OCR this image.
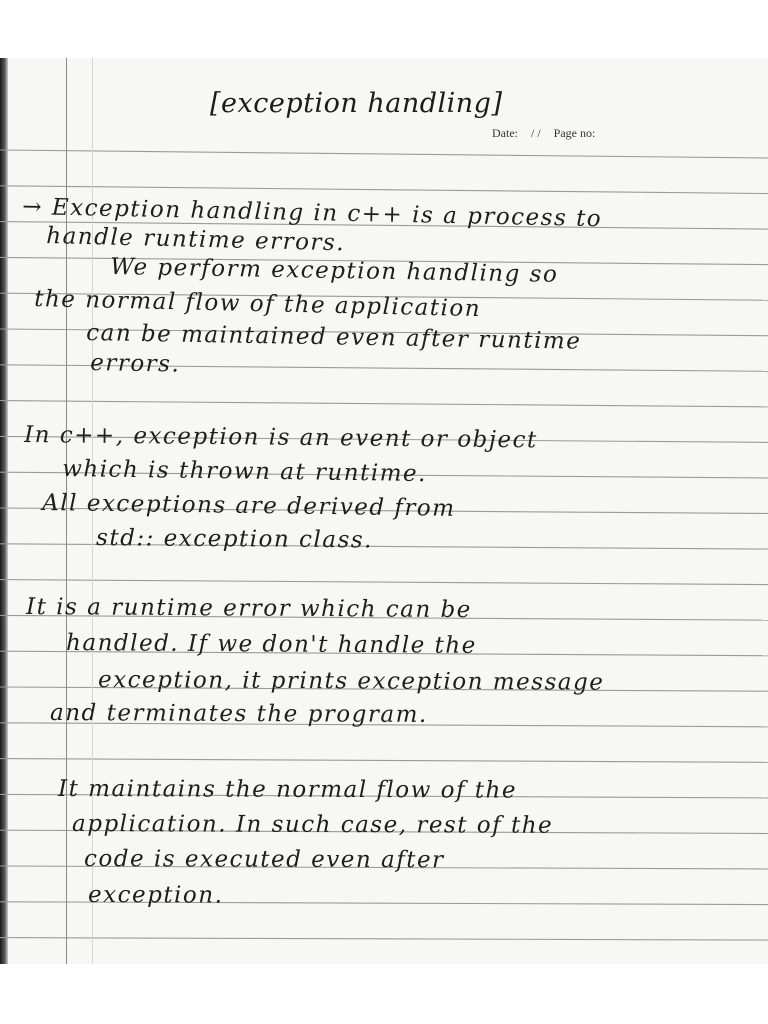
[exception handling]
Date: / / Page no:
→ Exception handling in c++ is a process to
handle runtime errors.
We perform exception handling so
the normal flow of the application
can be maintained even after runtime
errors.
In c++, exception is an event or object
which is thrown at runtime.
All exceptions are derived from
std:: exception class.
It is a runtime error which can be
handled. If we don't handle the
exception, it prints exception message
and terminates the program.
It maintains the normal flow of the
application. In such case, rest of the
code is executed even after
exception.
